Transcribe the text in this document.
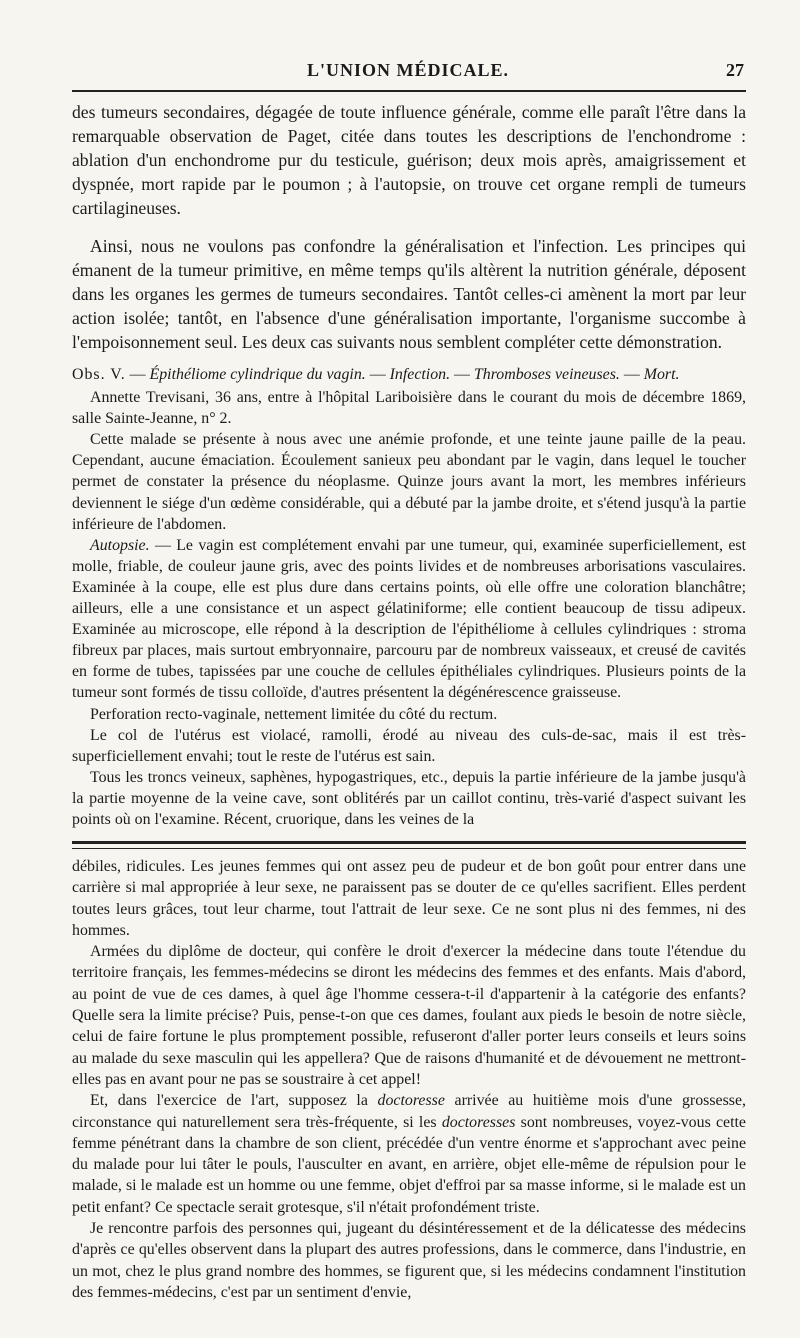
L'UNION MÉDICALE.	27

des tumeurs secondaires, dégagée de toute influence générale, comme elle paraît l'être dans la remarquable observation de Paget, citée dans toutes les descriptions de l'enchondrome : ablation d'un enchondrome pur du testicule, guérison; deux mois après, amaigrissement et dyspnée, mort rapide par le poumon ; à l'autopsie, on trouve cet organe rempli de tumeurs cartilagineuses.

Ainsi, nous ne voulons pas confondre la généralisation et l'infection. Les principes qui émanent de la tumeur primitive, en même temps qu'ils altèrent la nutrition générale, déposent dans les organes les germes de tumeurs secondaires. Tantôt celles-ci amènent la mort par leur action isolée; tantôt, en l'absence d'une généralisation importante, l'organisme succombe à l'empoisonnement seul. Les deux cas suivants nous semblent compléter cette démonstration.

Obs. V. — Épithéliome cylindrique du vagin. — Infection. — Thromboses veineuses. — Mort.

Annette Trevisani, 36 ans, entre à l'hôpital Lariboisière dans le courant du mois de décembre 1869, salle Sainte-Jeanne, n° 2.

Cette malade se présente à nous avec une anémie profonde, et une teinte jaune paille de la peau. Cependant, aucune émaciation. Écoulement sanieux peu abondant par le vagin, dans lequel le toucher permet de constater la présence du néoplasme. Quinze jours avant la mort, les membres inférieurs deviennent le siége d'un œdème considérable, qui a débuté par la jambe droite, et s'étend jusqu'à la partie inférieure de l'abdomen.

Autopsie. — Le vagin est complétement envahi par une tumeur, qui, examinée superficiellement, est molle, friable, de couleur jaune gris, avec des points livides et de nombreuses arborisations vasculaires. Examinée à la coupe, elle est plus dure dans certains points, où elle offre une coloration blanchâtre; ailleurs, elle a une consistance et un aspect gélatiniforme; elle contient beaucoup de tissu adipeux. Examinée au microscope, elle répond à la description de l'épithéliome à cellules cylindriques : stroma fibreux par places, mais surtout embryonnaire, parcouru par de nombreux vaisseaux, et creusé de cavités en forme de tubes, tapissées par une couche de cellules épithéliales cylindriques. Plusieurs points de la tumeur sont formés de tissu colloïde, d'autres présentent la dégénérescence graisseuse.

Perforation recto-vaginale, nettement limitée du côté du rectum.

Le col de l'utérus est violacé, ramolli, érodé au niveau des culs-de-sac, mais il est très-superficiellement envahi; tout le reste de l'utérus est sain.

Tous les troncs veineux, saphènes, hypogastriques, etc., depuis la partie inférieure de la jambe jusqu'à la partie moyenne de la veine cave, sont oblitérés par un caillot continu, très-varié d'aspect suivant les points où on l'examine. Récent, cruorique, dans les veines de la

débiles, ridicules. Les jeunes femmes qui ont assez peu de pudeur et de bon goût pour entrer dans une carrière si mal appropriée à leur sexe, ne paraissent pas se douter de ce qu'elles sacrifient. Elles perdent toutes leurs grâces, tout leur charme, tout l'attrait de leur sexe. Ce ne sont plus ni des femmes, ni des hommes.

Armées du diplôme de docteur, qui confère le droit d'exercer la médecine dans toute l'étendue du territoire français, les femmes-médecins se diront les médecins des femmes et des enfants. Mais d'abord, au point de vue de ces dames, à quel âge l'homme cessera-t-il d'appartenir à la catégorie des enfants? Quelle sera la limite précise? Puis, pense-t-on que ces dames, foulant aux pieds le besoin de notre siècle, celui de faire fortune le plus promptement possible, refuseront d'aller porter leurs conseils et leurs soins au malade du sexe masculin qui les appellera? Que de raisons d'humanité et de dévouement ne mettront-elles pas en avant pour ne pas se soustraire à cet appel!

Et, dans l'exercice de l'art, supposez la doctoresse arrivée au huitième mois d'une grossesse, circonstance qui naturellement sera très-fréquente, si les doctoresses sont nombreuses, voyez-vous cette femme pénétrant dans la chambre de son client, précédée d'un ventre énorme et s'approchant avec peine du malade pour lui tâter le pouls, l'ausculter en avant, en arrière, objet elle-même de répulsion pour le malade, si le malade est un homme ou une femme, objet d'effroi par sa masse informe, si le malade est un petit enfant? Ce spectacle serait grotesque, s'il n'était profondément triste.

Je rencontre parfois des personnes qui, jugeant du désintéressement et de la délicatesse des médecins d'après ce qu'elles observent dans la plupart des autres professions, dans le commerce, dans l'industrie, en un mot, chez le plus grand nombre des hommes, se figurent que, si les médecins condamnent l'institution des femmes-médecins, c'est par un sentiment d'envie,
